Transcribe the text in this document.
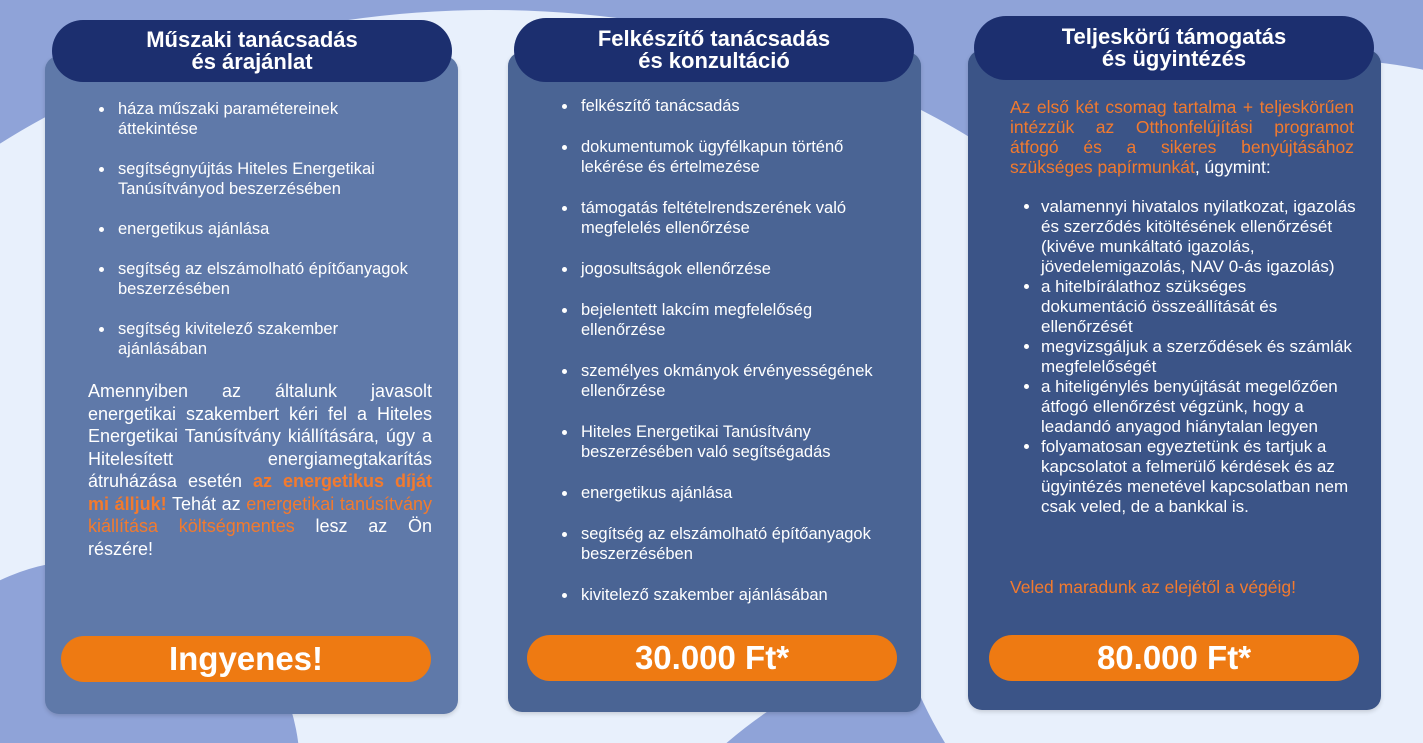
Műszaki tanácsadás
és árajánlat
háza műszaki paramétereinek áttekintése
segítségnyújtás Hiteles Energetikai Tanúsítványod beszerzésében
energetikus ajánlása
segítség az elszámolható építőanyagok beszerzésében
segítség kivitelező szakember ajánlásában
Amennyiben az általunk javasolt energetikai szakembert kéri fel a Hiteles Energetikai Tanúsítvány kiállítására, úgy a Hitelesített energiamegtakarítás átruházása esetén az energetikus díját mi álljuk! Tehát az energetikai tanúsítvány kiállítása költségmentes lesz az Ön részére!
Ingyenes!
Felkészítő tanácsadás
és konzultáció
felkészítő tanácsadás
dokumentumok ügyfélkapun történő lekérése és értelmezése
támogatás feltételrendszerének való megfelelés ellenőrzése
jogosultságok ellenőrzése
bejelentett lakcím megfelelőség ellenőrzése
személyes okmányok érvényességének ellenőrzése
Hiteles Energetikai Tanúsítvány beszerzésében való segítségadás
energetikus ajánlása
segítség az elszámolható építőanyagok beszerzésében
kivitelező szakember ajánlásában
30.000 Ft*
Teljeskörű támogatás
és ügyintézés
Az első két csomag tartalma + teljeskörűen intézzük az Otthonfelújítási programot átfogó és a sikeres benyújtásához szükséges papírmunkát, úgymint:
valamennyi hivatalos nyilatkozat, igazolás és szerződés kitöltésének ellenőrzését (kivéve munkáltató igazolás, jövedelemigazolás, NAV 0-ás igazolás)
a hitelbírálathoz szükséges dokumentáció összeállítását és ellenőrzését
megvizsgáljuk a szerződések és számlák megfelelőségét
a hiteligénylés benyújtását megelőzően átfogó ellenőrzést végzünk, hogy a leadandó anyagod hiánytalan legyen
folyamatosan egyeztetünk és tartjuk a kapcsolatot a felmerülő kérdések és az ügyintézés menetével kapcsolatban nem csak veled, de a bankkal is.
Veled maradunk az elejétől a végéig!
80.000 Ft*
